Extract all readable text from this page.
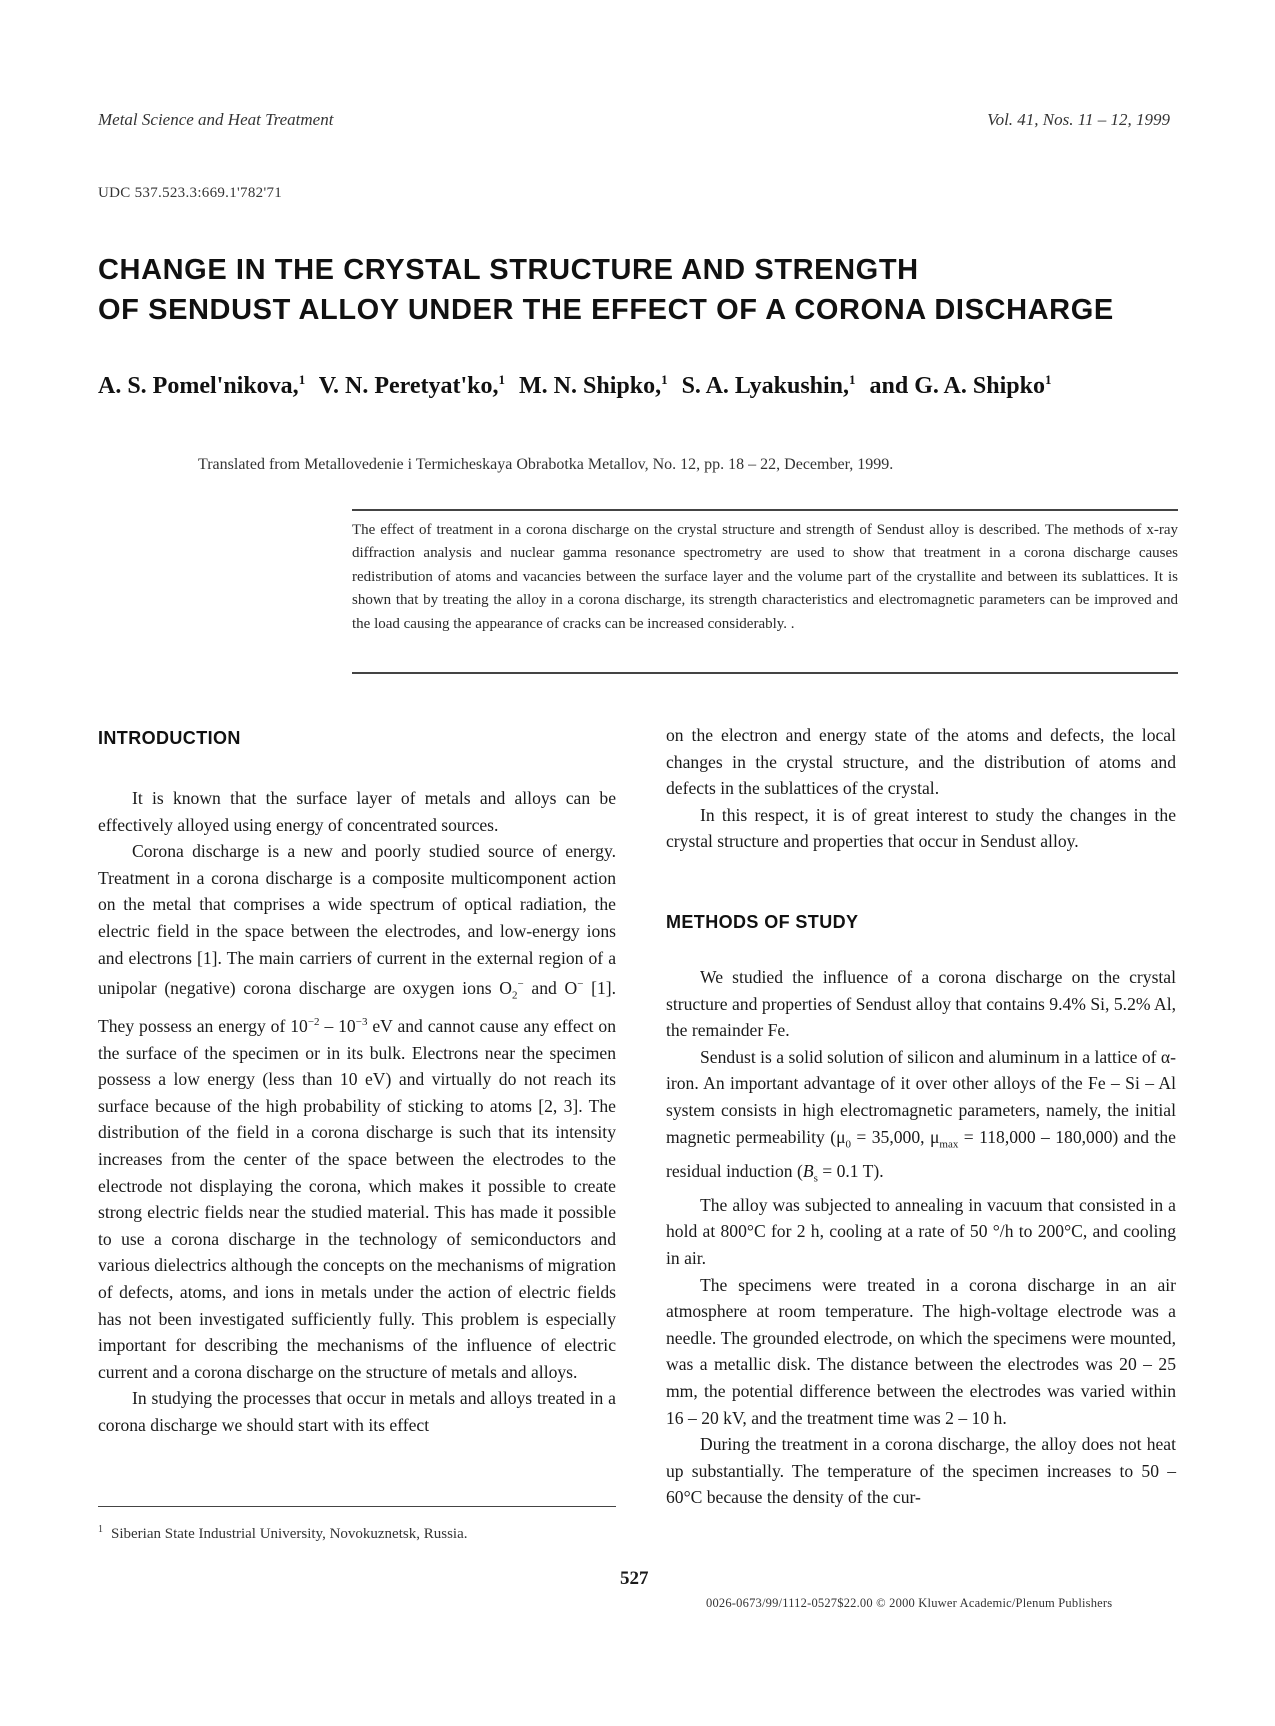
Metal Science and Heat Treatment	Vol. 41, Nos. 11 – 12, 1999
UDC 537.523.3:669.1'782'71
CHANGE IN THE CRYSTAL STRUCTURE AND STRENGTH
OF SENDUST ALLOY UNDER THE EFFECT OF A CORONA DISCHARGE
A. S. Pomel'nikova,$^1$ V. N. Peretyat'ko,$^1$ M. N. Shipko,$^1$ S. A. Lyakushin,$^1$ and G. A. Shipko$^1$
Translated from Metallovedenie i Termicheskaya Obrabotka Metallov, No. 12, pp. 18 – 22, December, 1999.
The effect of treatment in a corona discharge on the crystal structure and strength of Sendust alloy is described. The methods of x-ray diffraction analysis and nuclear gamma resonance spectrometry are used to show that treatment in a corona discharge causes redistribution of atoms and vacancies between the surface layer and the volume part of the crystallite and between its sublattices. It is shown that by treating the alloy in a corona discharge, its strength characteristics and electromagnetic parameters can be improved and the load causing the appearance of cracks can be increased considerably. .
INTRODUCTION

It is known that the surface layer of metals and alloys can be effectively alloyed using energy of concentrated sources.

Corona discharge is a new and poorly studied source of energy. Treatment in a corona discharge is a composite multicomponent action on the metal that comprises a wide spectrum of optical radiation, the electric field in the space between the electrodes, and low-energy ions and electrons [1]. The main carriers of current in the external region of a unipolar (negative) corona discharge are oxygen ions $O_2^-$ and O− [1]. They possess an energy of $10^{-2} - 10^{-3}$ eV and cannot cause any effect on the surface of the specimen or in its bulk. Electrons near the specimen possess a low energy (less than 10 eV) and virtually do not reach its surface because of the high probability of sticking to atoms [2, 3]. The distribution of the field in a corona discharge is such that its intensity increases from the center of the space between the electrodes to the electrode not displaying the corona, which makes it possible to create strong electric fields near the studied material. This has made it possible to use a corona discharge in the technology of semiconductors and various dielectrics although the concepts on the mechanisms of migration of defects, atoms, and ions in metals under the action of electric fields has not been investigated sufficiently fully. This problem is especially important for describing the mechanisms of the influence of electric current and a corona discharge on the structure of metals and alloys.

In studying the processes that occur in metals and alloys treated in a corona discharge we should start with its effect

$^1$ Siberian State Industrial University, Novokuznetsk, Russia.

on the electron and energy state of the atoms and defects, the local changes in the crystal structure, and the distribution of atoms and defects in the sublattices of the crystal.

In this respect, it is of great interest to study the changes in the crystal structure and properties that occur in Sendust alloy.

METHODS OF STUDY

We studied the influence of a corona discharge on the crystal structure and properties of Sendust alloy that contains 9.4% Si, 5.2% Al, the remainder Fe.

Sendust is a solid solution of silicon and aluminum in a lattice of α-iron. An important advantage of it over other alloys of the Fe – Si – Al system consists in high electromagnetic parameters, namely, the initial magnetic permeability ($\mu_0 = 35,000$, $\mu_{max} = 118,000 - 180,000$) and the residual induction ($B_s = 0.1$ T).

The alloy was subjected to annealing in vacuum that consisted in a hold at 800°C for 2 h, cooling at a rate of 50 °/h to 200°C, and cooling in air.

The specimens were treated in a corona discharge in an air atmosphere at room temperature. The high-voltage electrode was a needle. The grounded electrode, on which the specimens were mounted, was a metallic disk. The distance between the electrodes was 20 – 25 mm, the potential difference between the electrodes was varied within 16 – 20 kV, and the treatment time was 2 – 10 h.

During the treatment in a corona discharge, the alloy does not heat up substantially. The temperature of the specimen increases to 50 – 60°C because the density of the cur-

527
0026-0673/99/1112-0527$22.00 © 2000 Kluwer Academic/Plenum Publishers
